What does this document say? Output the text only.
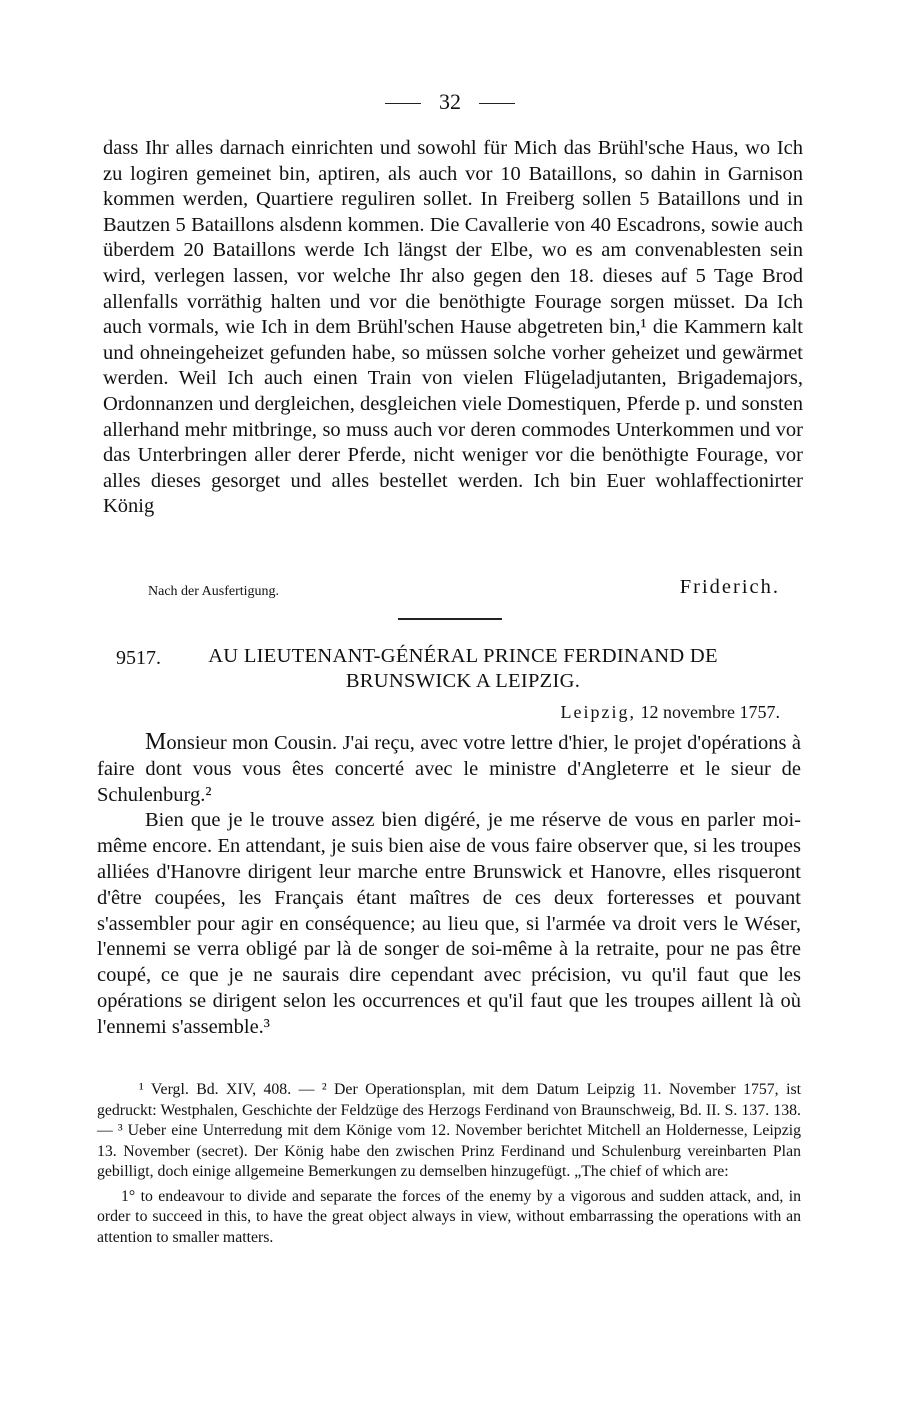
32

dass Ihr alles darnach einrichten und sowohl für Mich das Brühl'sche Haus, wo Ich zu logiren gemeinet bin, aptiren, als auch vor 10 Bataillons, so dahin in Garnison kommen werden, Quartiere reguliren sollet. In Freiberg sollen 5 Bataillons und in Bautzen 5 Bataillons alsdenn kommen. Die Cavallerie von 40 Escadrons, sowie auch überdem 20 Bataillons werde Ich längst der Elbe, wo es am convenablesten sein wird, verlegen lassen, vor welche Ihr also gegen den 18. dieses auf 5 Tage Brod allenfalls vorräthig halten und vor die benöthigte Fourage sorgen müsset. Da Ich auch vormals, wie Ich in dem Brühl'schen Hause abgetreten bin,¹ die Kammern kalt und ohneingeheizet gefunden habe, so müssen solche vorher geheizet und gewärmet werden. Weil Ich auch einen Train von vielen Flügeladjutanten, Brigademajors, Ordonnanzen und dergleichen, desgleichen viele Domestiquen, Pferde p. und sonsten allerhand mehr mitbringe, so muss auch vor deren commodes Unterkommen und vor das Unterbringen aller derer Pferde, nicht weniger vor die benöthigte Fourage, vor alles dieses gesorget und alles bestellet werden. Ich bin Euer wohlaffectionirter König

Nach der Ausfertigung.	Friderich.
9517.	AU LIEUTENANT-GÉNÉRAL PRINCE FERDINAND DE
BRUNSWICK A LEIPZIG.
Leipzig, 12 novembre 1757.

Monsieur mon Cousin. J'ai reçu, avec votre lettre d'hier, le projet d'opérations à faire dont vous vous êtes concerté avec le ministre d'Angleterre et le sieur de Schulenburg.²

Bien que je le trouve assez bien digéré, je me réserve de vous en parler moi-même encore. En attendant, je suis bien aise de vous faire observer que, si les troupes alliées d'Hanovre dirigent leur marche entre Brunswick et Hanovre, elles risqueront d'être coupées, les Français étant maîtres de ces deux forteresses et pouvant s'assembler pour agir en conséquence; au lieu que, si l'armée va droit vers le Wéser, l'ennemi se verra obligé par là de songer de soi-même à la retraite, pour ne pas être coupé, ce que je ne saurais dire cependant avec précision, vu qu'il faut que les opérations se dirigent selon les occurrences et qu'il faut que les troupes aillent là où l'ennemi s'assemble.³

¹ Vergl. Bd. XIV, 408. — ² Der Operationsplan, mit dem Datum Leipzig 11. November 1757, ist gedruckt: Westphalen, Geschichte der Feldzüge des Herzogs Ferdinand von Braunschweig, Bd. II. S. 137. 138. — ³ Ueber eine Unterredung mit dem Könige vom 12. November berichtet Mitchell an Holdernesse, Leipzig 13. November (secret). Der König habe den zwischen Prinz Ferdinand und Schulenburg vereinbarten Plan gebilligt, doch einige allgemeine Bemerkungen zu demselben hinzugefügt. „The chief of which are:

1° to endeavour to divide and separate the forces of the enemy by a vigorous and sudden attack, and, in order to succeed in this, to have the great object always in view, without embarrassing the operations with an attention to smaller matters.
